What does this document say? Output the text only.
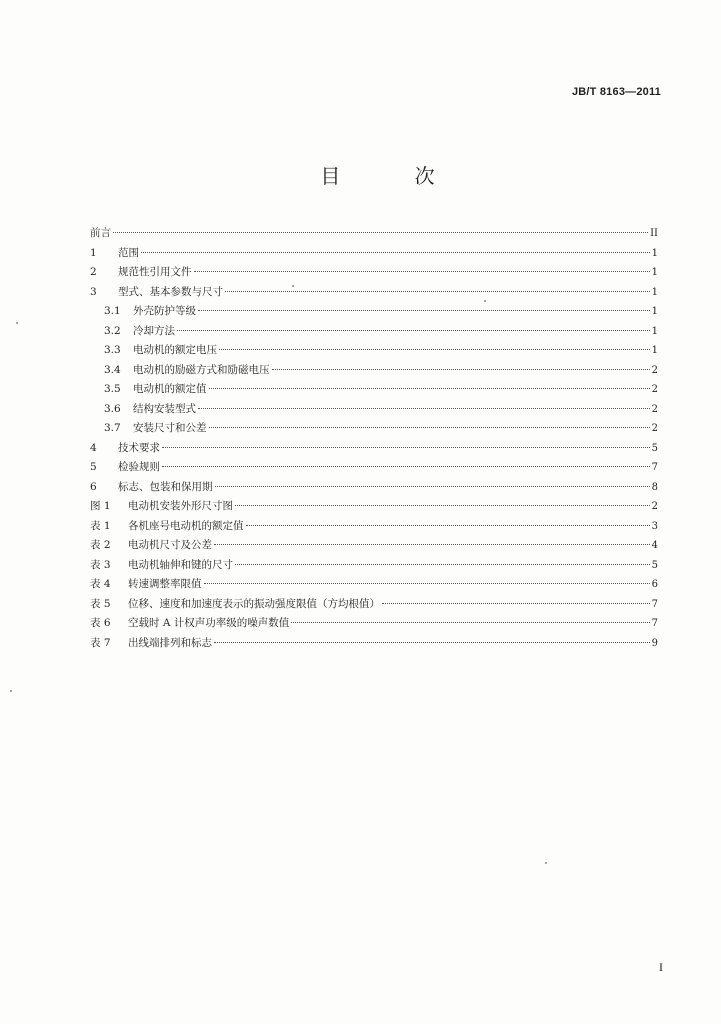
JB/T 8163—2011
目 次
前言	II
1	范围	1
2	规范性引用文件	1
3	型式、基本参数与尺寸	1
3.1	外壳防护等级	1
3.2	冷却方法	1
3.3	电动机的额定电压	1
3.4	电动机的励磁方式和励磁电压	2
3.5	电动机的额定值	2
3.6	结构安装型式	2
3.7	安装尺寸和公差	2
4	技术要求	5
5	检验规则	7
6	标志、包装和保用期	8
图 1	电动机安装外形尺寸图	2
表 1	各机座号电动机的额定值	3
表 2	电动机尺寸及公差	4
表 3	电动机轴伸和键的尺寸	5
表 4	转速调整率限值	6
表 5	位移、速度和加速度表示的振动强度限值（方均根值）	7
表 6	空载时 A 计权声功率级的噪声数值	7
表 7	出线端排列和标志	9
I
